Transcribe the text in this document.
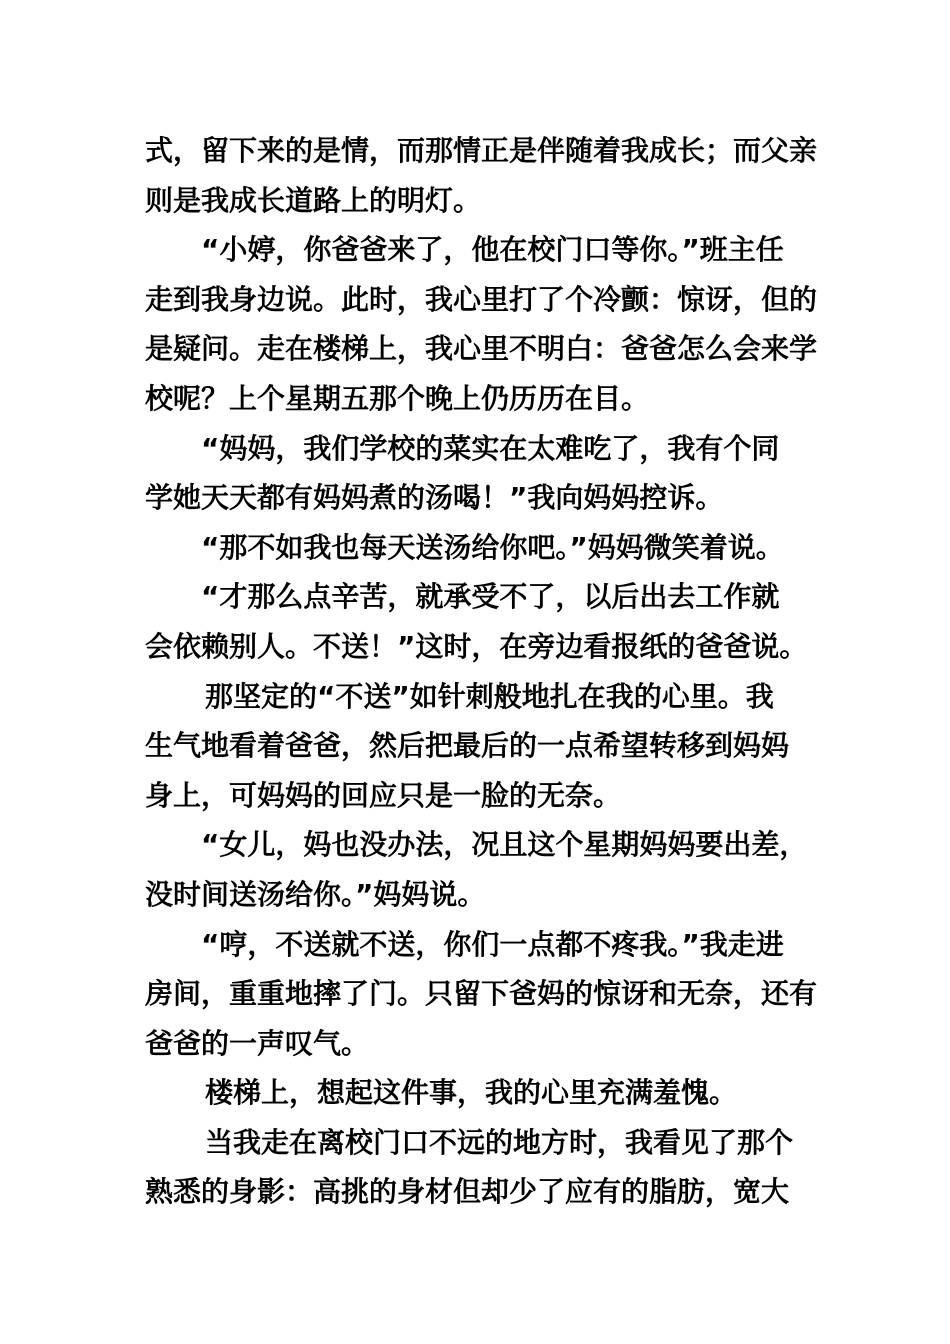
式，留下来的是情，而那情正是伴随着我成长；而父亲
则是我成长道路上的明灯。
“小婷，你爸爸来了，他在校门口等你。”班主任
走到我身边说。此时，我心里打了个冷颤：惊讶，但的
是疑问。走在楼梯上，我心里不明白：爸爸怎么会来学
校呢？上个星期五那个晚上仍历历在目。
“妈妈，我们学校的菜实在太难吃了，我有个同
学她天天都有妈妈煮的汤喝！”我向妈妈控诉。
“那不如我也每天送汤给你吧。”妈妈微笑着说。
“才那么点辛苦，就承受不了，以后出去工作就
会依赖别人。不送！”这时，在旁边看报纸的爸爸说。
那坚定的“不送”如针刺般地扎在我的心里。我
生气地看着爸爸，然后把最后的一点希望转移到妈妈
身上，可妈妈的回应只是一脸的无奈。
“女儿，妈也没办法，况且这个星期妈妈要出差，
没时间送汤给你。”妈妈说。
“哼，不送就不送，你们一点都不疼我。”我走进
房间，重重地摔了门。只留下爸妈的惊讶和无奈，还有
爸爸的一声叹气。
楼梯上，想起这件事，我的心里充满羞愧。
当我走在离校门口不远的地方时，我看见了那个
熟悉的身影：高挑的身材但却少了应有的脂肪，宽大
